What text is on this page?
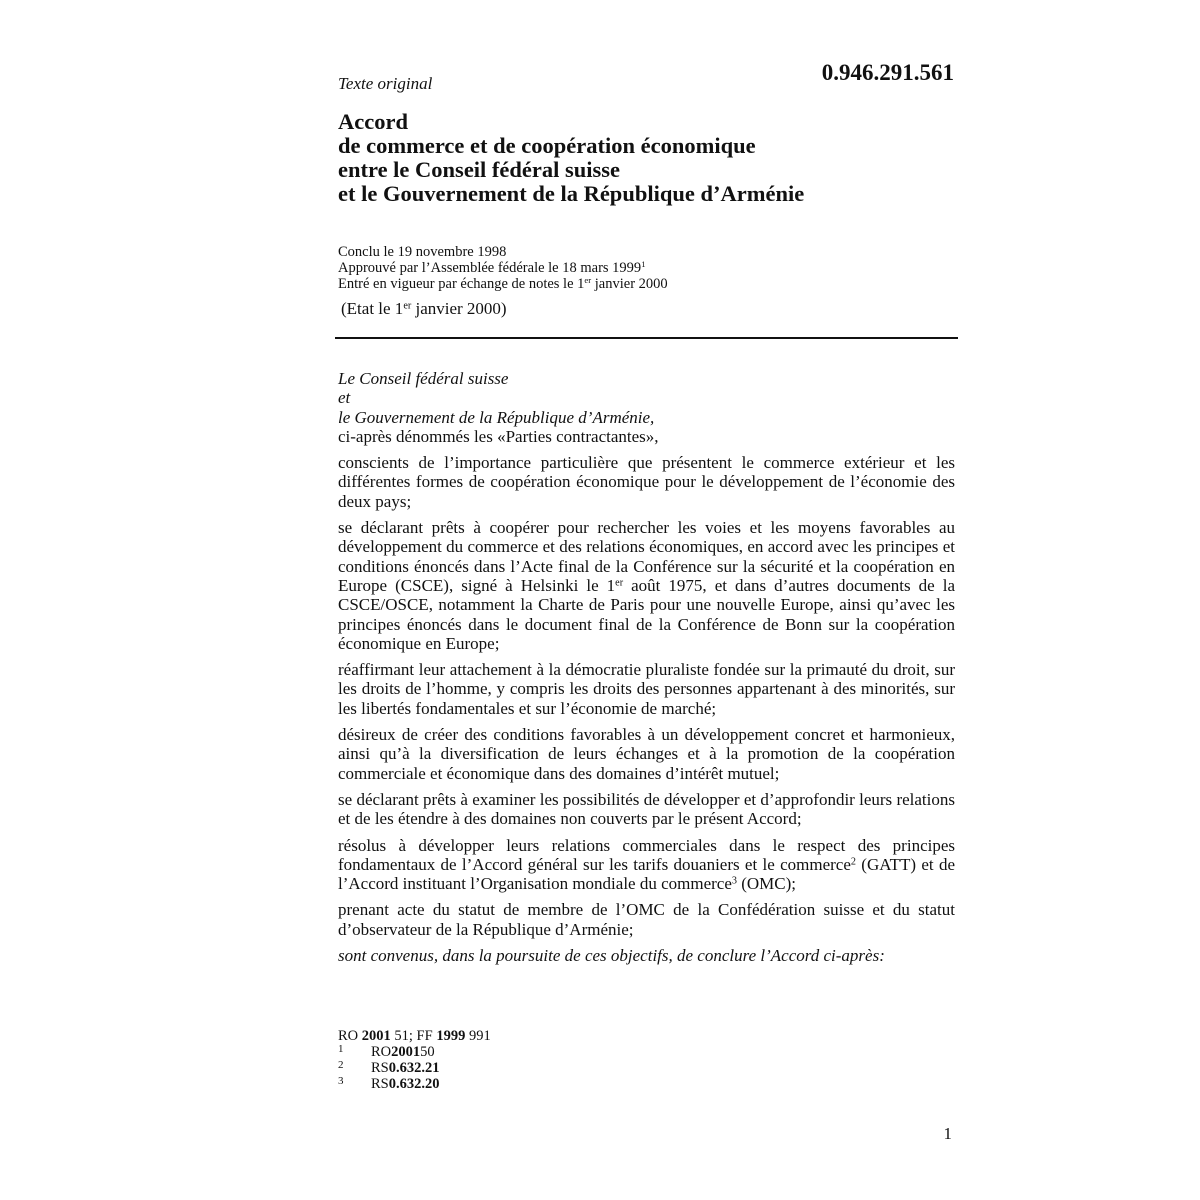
Texte original	0.946.291.561
Accord
de commerce et de coopération économique
entre le Conseil fédéral suisse
et le Gouvernement de la République d’Arménie
Conclu le 19 novembre 1998
Approuvé par l’Assemblée fédérale le 18 mars 1999$^1$
Entré en vigueur par échange de notes le 1er janvier 2000
(Etat le 1er janvier 2000)

Le Conseil fédéral suisse

et

le Gouvernement de la République d’Arménie,

ci-après dénommés les «Parties contractantes»,

conscients de l’importance particulière que présentent le commerce extérieur et les différentes formes de coopération économique pour le développement de l’économie des deux pays;

se déclarant prêts à coopérer pour rechercher les voies et les moyens favorables au développement du commerce et des relations économiques, en accord avec les principes et conditions énoncés dans l’Acte final de la Conférence sur la sécurité et la coopération en Europe (CSCE), signé à Helsinki le 1er août 1975, et dans d’autres documents de la CSCE/OSCE, notamment la Charte de Paris pour une nouvelle Europe, ainsi qu’avec les principes énoncés dans le document final de la Conférence de Bonn sur la coopération économique en Europe;

réaffirmant leur attachement à la démocratie pluraliste fondée sur la primauté du droit, sur les droits de l’homme, y compris les droits des personnes appartenant à des minorités, sur les libertés fondamentales et sur l’économie de marché;

désireux de créer des conditions favorables à un développement concret et harmonieux, ainsi qu’à la diversification de leurs échanges et à la promotion de la coopération commerciale et économique dans des domaines d’intérêt mutuel;

se déclarant prêts à examiner les possibilités de développer et d’approfondir leurs relations et de les étendre à des domaines non couverts par le présent Accord;

résolus à développer leurs relations commerciales dans le respect des principes fondamentaux de l’Accord général sur les tarifs douaniers et le commerce$^2$ (GATT) et de l’Accord instituant l’Organisation mondiale du commerce$^3$ (OMC);

prenant acte du statut de membre de l’OMC de la Confédération suisse et du statut d’observateur de la République d’Arménie;

sont convenus, dans la poursuite de ces objectifs, de conclure l’Accord ci-après:

RO 2001 51; FF 1999 991
1	RO 2001 50
2	RS 0.632.21
3	RS 0.632.20
1
